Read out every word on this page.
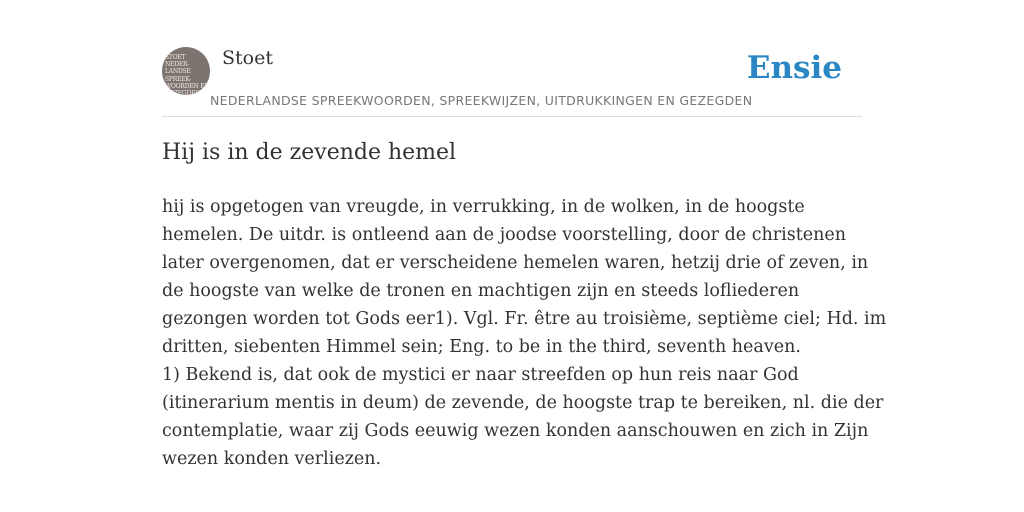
STOET
NEDER-
LANDSE
SPREEK-
WOORDEN EN
GEZEGDEN
Stoet
NEDERLANDSE SPREEKWOORDEN, SPREEKWIJZEN, UITDRUKKINGEN EN GEZEGDEN
Ensie
Hij is in de zevende hemel

hij is opgetogen van vreugde, in verrukking, in de wolken, in de hoogste

hemelen. De uitdr. is ontleend aan de joodse voorstelling, door de christenen

later overgenomen, dat er verscheidene hemelen waren, hetzij drie of zeven, in

de hoogste van welke de tronen en machtigen zijn en steeds lofliederen

gezongen worden tot Gods eer1). Vgl. Fr. être au troisième, septième ciel; Hd. im

dritten, siebenten Himmel sein; Eng. to be in the third, seventh heaven.

1) Bekend is, dat ook de mystici er naar streefden op hun reis naar God

(itinerarium mentis in deum) de zevende, de hoogste trap te bereiken, nl. die der

contemplatie, waar zij Gods eeuwig wezen konden aanschouwen en zich in Zijn

wezen konden verliezen.
